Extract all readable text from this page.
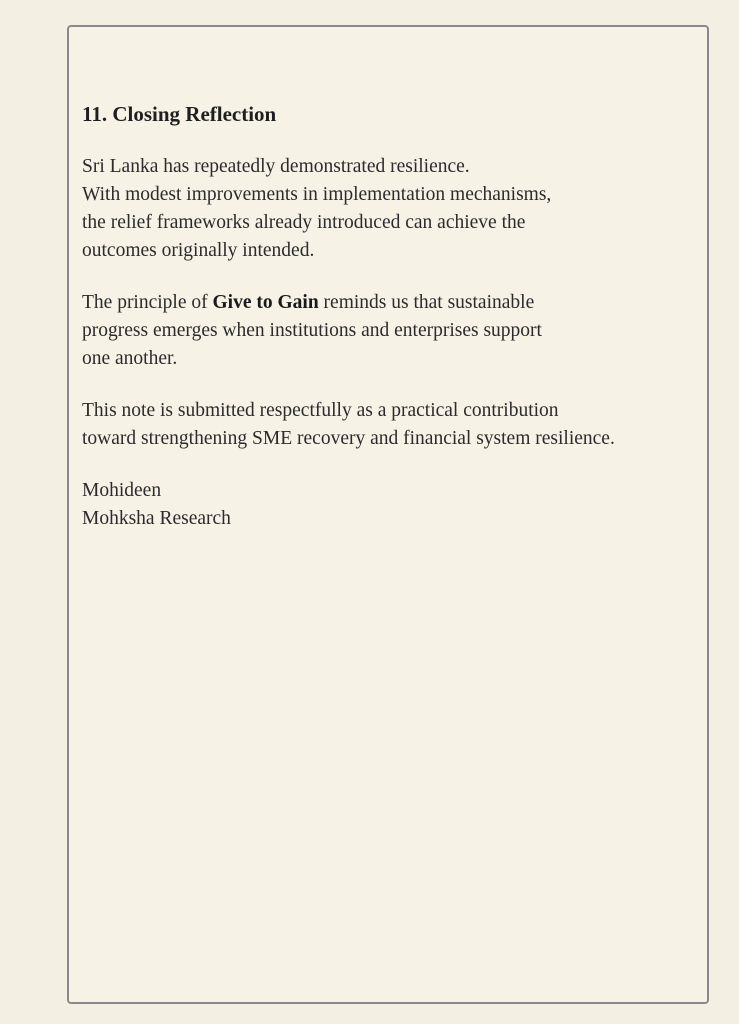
11. Closing Reflection
Sri Lanka has repeatedly demonstrated resilience.
With modest improvements in implementation mechanisms,
the relief frameworks already introduced can achieve the
outcomes originally intended.
The principle of Give to Gain reminds us that sustainable
progress emerges when institutions and enterprises support
one another.
This note is submitted respectfully as a practical contribution
toward strengthening SME recovery and financial system resilience.
Mohideen
Mohksha Research
